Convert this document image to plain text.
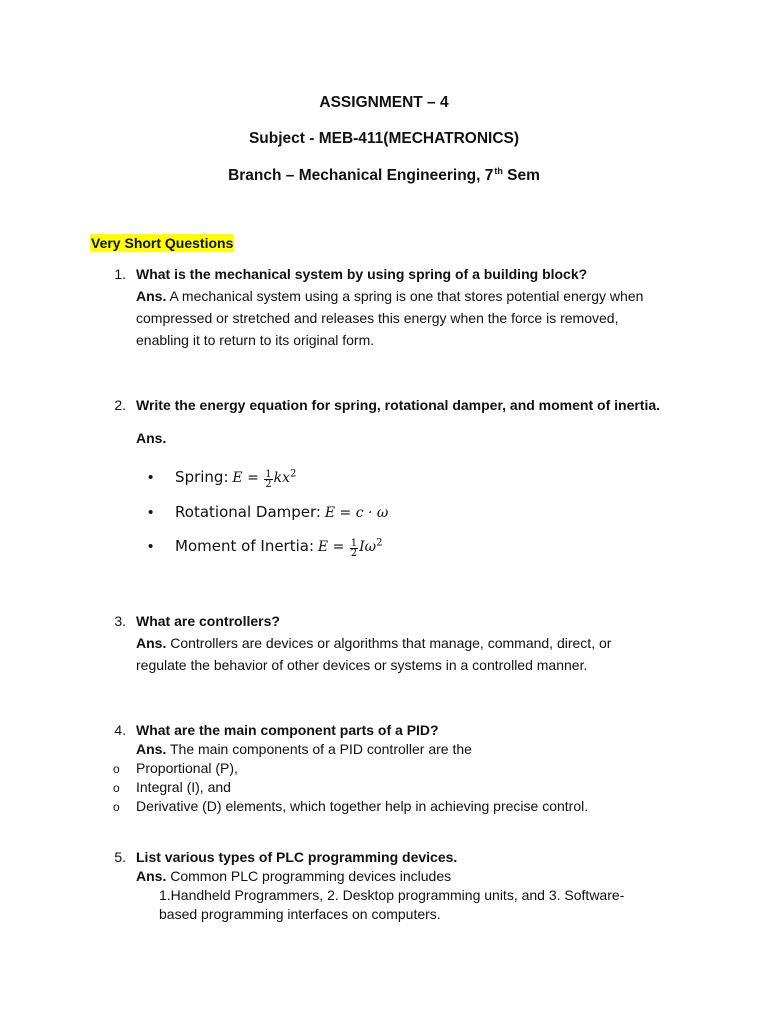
ASSIGNMENT – 4
Subject - MEB-411(MECHATRONICS)
Branch – Mechanical Engineering, 7th Sem
Very Short Questions
1. What is the mechanical system by using spring of a building block?
Ans. A mechanical system using a spring is one that stores potential energy when
compressed or stretched and releases this energy when the force is removed,
enabling it to return to its original form.
2. Write the energy equation for spring, rotational damper, and moment of inertia.
Ans.
• Spring: $E = \frac{1}{2} kx^2$
• Rotational Damper: E = c · ω
• Moment of Inertia: $E = \frac{1}{2} I\omega^2$
3. What are controllers?
Ans. Controllers are devices or algorithms that manage, command, direct, or
regulate the behavior of other devices or systems in a controlled manner.
4. What are the main component parts of a PID?
Ans. The main components of a PID controller are the
o Proportional (P),
o Integral (I), and
o Derivative (D) elements, which together help in achieving precise control.
5. List various types of PLC programming devices.
Ans. Common PLC programming devices includes
1.Handheld Programmers, 2. Desktop programming units, and 3. Software-
based programming interfaces on computers.
